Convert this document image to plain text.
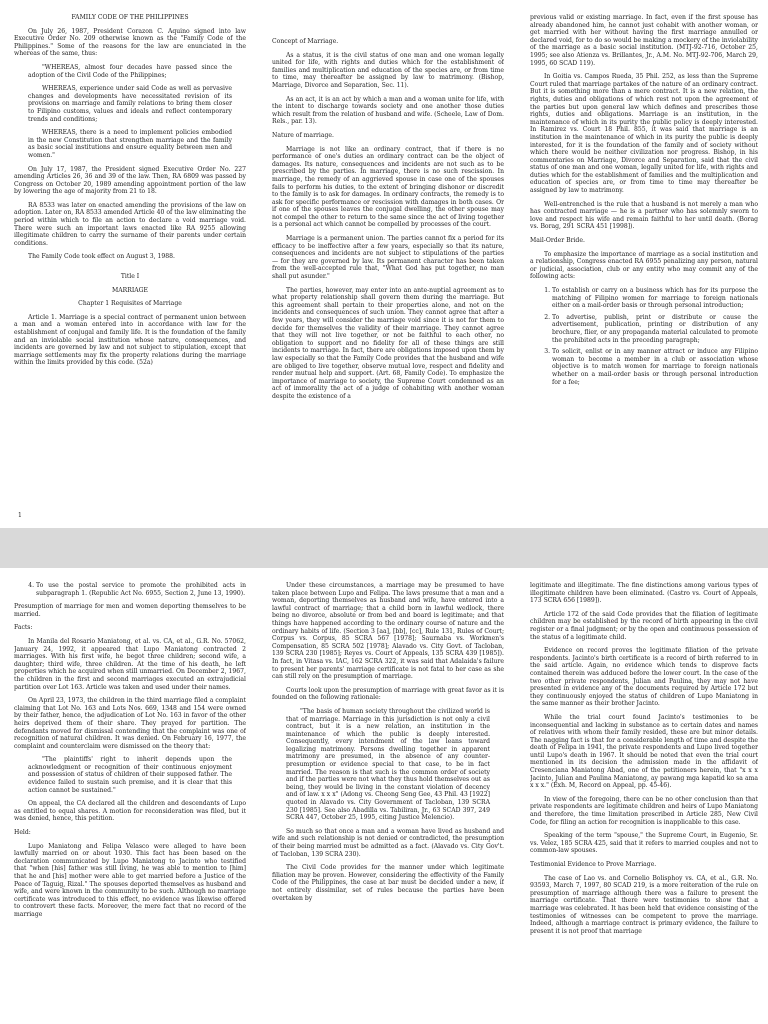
FAMILY CODE OF THE PHILIPPINES

On July 26, 1987, President Corazon C. Aquino signed into law Executive Order No. 209 otherwise known as the "Family Code of the Philippines." Some of the reasons for the law are enunciated in the whereas of the same, thus:

"WHEREAS, almost four decades have passed since the adoption of the Civil Code of the Philippines;

WHEREAS, experience under said Code as well as pervasive changes and developments have necessitated revision of its provisions on marriage and family relations to bring them closer to Filipino customs, values and ideals and reflect contemporary trends and conditions;

WHEREAS, there is a need to implement policies embodied in the new Constitution that strengthen marriage and the family as basic social institutions and ensure equality between men and women."

On July 17, 1987, the President signed Executive Order No. 227 amending Articles 26, 36 and 39 of the law. Then, RA 6809 was passed by Congress on October 20, 1989 amending appointment portion of the law by lowering the age of majority from 21 to 18.

RA 8533 was later on enacted amending the provisions of the law on adoption. Later on, RA 8533 amended Article 40 of the law eliminating the period within which to file an action to declare a void marriage void. There were such an important laws enacted like RA 9255 allowing illegitimate children to carry the surname of their parents under certain conditions.

The Family Code took effect on August 3, 1988.

Title I

MARRIAGE

Chapter 1 Requisites of Marriage

Article 1. Marriage is a special contract of permanent union between a man and a woman entered into in accordance with law for the establishment of conjugal and family life. It is the foundation of the family and an inviolable social institution whose nature, consequences, and incidents are governed by law and not subject to stipulation, except that marriage settlements may fix the property relations during the marriage within the limits provided by this code. (52a)

1

Concept of Marriage.

As a status, it is the civil status of one man and one woman legally united for life, with rights and duties which for the establishment of families and multiplication and education of the species are, or from time to time, may thereafter be assigned by law to matrimony. (Bishop, Marriage, Divorce and Separation, Sec. 11).

As an act, it is an act by which a man and a woman unite for life, with the intent to discharge towards society and one another those duties which result from the relation of husband and wife. (Scheele, Law of Dom. Rels., par. 13).

Nature of marriage.

Marriage is not like an ordinary contract, that if there is no performance of one's duties an ordinary contract can be the object of damages. Its nature, consequences and incidents are not such as to be prescribed by the parties. In marriage, there is no such rescission. In marriage, the remedy of an aggrieved spouse in case one of the spouses fails to perform his duties, to the extent of bringing dishonor or discredit to the family is to ask for damages. In ordinary contracts, the remedy is to ask for specific performance or rescission with damages in both cases. Or if one of the spouses leaves the conjugal dwelling, the other spouse may not compel the other to return to the same since the act of living together is a personal act which cannot be compelled by processes of the court.

Marriage is a permanent union. The parties cannot fix a period for its efficacy to be ineffective after a few years, especially so that its nature, consequences and incidents are not subject to stipulations of the parties — for they are governed by law. Its permanent character has been taken from the well-accepted rule that, "What God has put together, no man shall put asunder."

The parties, however, may enter into an ante-nuptial agreement as to what property relationship shall govern them during the marriage. But this agreement shall pertain to their properties alone, and not on the incidents and consequences of such union. They cannot agree that after a few years, they will consider the marriage void since it is not for them to decide for themselves the validity of their marriage. They cannot agree that they will not live together, or not be faithful to each other, no obligation to support and no fidelity for all of these things are still incidents to marriage. In fact, there are obligations imposed upon them by law especially so that the Family Code provides that the husband and wife are obliged to live together, observe mutual love, respect and fidelity and render mutual help and support. (Art. 68, Family Code). To emphasize the importance of marriage to society, the Supreme Court condemned as an act of immorality the act of a judge of cohabiting with another woman despite the existence of a

previous valid or existing marriage. In fact, even if the first spouse has already abandoned him, he cannot just cohabit with another woman, or get married with her without having the first marriage annulled or declared void, for to do so would be making a mockery of the inviolability of the marriage as a basic social institution. (MTJ-92-716, October 25, 1995; see also Atienza vs. Brillantes, Jr., A.M. No. MTJ-92-706, March 29, 1995, 60 SCAD 119).

In Goitia vs. Campos Rueda, 35 Phil. 252, as less than the Supreme Court ruled that marriage partakes of the nature of an ordinary contract. But it is something more than a mere contract. It is a new relation, the rights, duties and obligations of which rest not upon the agreement of the parties but upon general law which defines and prescribes those rights, duties and obligations. Marriage is an institution, in the maintenance of which in its purity the public policy is deeply interested. In Ramirez vs. Court 18 Phil. 855, it was said that marriage is an institution in the maintenance of which in its purity the public is deeply interested, for it is the foundation of the family and of society without which there would be neither civilization nor progress. Bishop, in his commentaries on Marriage, Divorce and Separation, said that the civil status of one man and one woman, legally united for life, with rights and duties which for the establishment of families and the multiplication and education of species are, or from time to time may thereafter be assigned by law to matrimony.

Well-entrenched is the rule that a husband is not merely a man who has contracted marriage — he is a partner who has solemnly sworn to love and respect his wife and remain faithful to her until death. (Borag vs. Borag, 291 SCRA 451 [1998]).

Mail-Order Bride.

To emphasize the importance of marriage as a social institution and a relationship, Congress enacted RA 6955 penalizing any person, natural or judicial, association, club or any entity who may commit any of the following acts:

1. To establish or carry on a business which has for its purpose the matching of Filipino women for marriage to foreign nationals either on a mail-order basis or through personal introduction;
2. To advertise, publish, print or distribute or cause the advertisement, publication, printing or distribution of any brochure, flier, or any propaganda material calculated to promote the prohibited acts in the preceding paragraph;
3. To solicit, enlist or in any manner attract or induce any Filipino woman to become a member in a club or association whose objective is to match women for marriage to foreign nationals whether on a mail-order basis or through personal introduction for a fee;
4. To use the postal service to promote the prohibited acts in subparagraph 1. (Republic Act No. 6955, Section 2, June 13, 1990).

Presumption of marriage for men and women deporting themselves to be married.

Facts:

In Manila del Rosario Maniatong, et al. vs. CA, et al., G.R. No. 57062, January 24, 1992, it appeared that Lupo Maniatong contracted 2 marriages. With his first wife, he begot three children; second wife, a daughter; third wife, three children. At the time of his death, he left properties which he acquired when still unmarried. On December 2, 1967, the children in the first and second marriages executed an extrajudicial partition over Lot 163. Article was taken and used under their names.

On April 23, 1973, the children in the third marriage filed a complaint claiming that Lot No. 163 and Lots Nos. 669, 1348 and 154 were owned by their father, hence, the adjudication of Lot No. 163 in favor of the other heirs deprived them of their share. They prayed for partition. The defendants moved for dismissal contending that the complaint was one of recognition of natural children. It was denied. On February 16, 1977, the complaint and counterclaim were dismissed on the theory that:

"The plaintiffs' right to inherit depends upon the acknowledgment or recognition of their continuous enjoyment and possession of status of children of their supposed father. The evidence failed to sustain such premise, and it is clear that this action cannot be sustained."

On appeal, the CA declared all the children and descendants of Lupo as entitled to equal shares. A motion for reconsideration was filed, but it was denied, hence, this petition.

Held:

Lupo Maniatong and Felipa Velasco were alleged to have been lawfully married on or about 1930. This fact has been based on the declaration communicated by Lupo Maniatong to Jacinto who testified that "when [his] father was still living, he was able to mention to [him] that he and [his] mother were able to get married before a Justice of the Peace of Taguig, Rizal." The spouses deported themselves as husband and wife, and were known in the community to be such. Although no marriage certificate was introduced to this effect, no evidence was likewise offered to controvert these facts. Moreover, the mere fact that no record of the marriage

Under these circumstances, a marriage may be presumed to have taken place between Lupo and Felipa. The laws presume that a man and a woman, deporting themselves as husband and wife, have entered into a lawful contract of marriage; that a child born in lawful wedlock, there being no divorce, absolute or from bed and board is legitimate; and that things have happened according to the ordinary course of nature and the ordinary habits of life. (Section 3 [aa], [bb], [cc], Rule 131, Rules of Court; Corpus vs. Corpus, 85 SCRA 567 [1978]; Saurnaba vs. Workmen's Compensation, 85 SCRA 502 [1978]; Alavado vs. City Govt. of Tacloban, 139 SCRA 230 [1985]; Reyes vs. Court of Appeals, 135 SCRA 439 [1985]). In fact, in Vitasa vs. IAC, 162 SCRA 322, it was said that Adalaida's failure to present her parents' marriage certificate is not fatal to her case as she can still rely on the presumption of marriage.

Courts look upon the presumption of marriage with great favor as it is founded on the following rationale:

"The basis of human society throughout the civilized world is that of marriage. Marriage in this jurisdiction is not only a civil contract, but it is a new relation, an institution in the maintenance of which the public is deeply interested. Consequently, every intendment of the law leans toward legalizing matrimony. Persons dwelling together in apparent matrimony are presumed, in the absence of any counter-presumption or evidence special to that case, to be in fact married. The reason is that such is the common order of society and if the parties were not what they thus hold themselves out as being, they would be living in the constant violation of decency and of law. x x x" (Adong vs. Cheong Seng Gee, 43 Phil. 43 [1922] quoted in Alavado vs. City Government of Tacloban, 139 SCRA 230 [1985]. See also Abadilla vs. Tabiliran, Jr., 63 SCAD 397, 249 SCRA 447, October 25, 1995, citing Justice Melencio).

So much so that once a man and a woman have lived as husband and wife and such relationship is not denied or contradicted, the presumption of their being married must be admitted as a fact. (Alavado vs. City Gov't. of Tacloban, 139 SCRA 230).

The Civil Code provides for the manner under which legitimate filiation may be proven. However, considering the effectivity of the Family Code of the Philippines, the case at bar must be decided under a new, if not entirely dissimilar, set of rules because the parties have been overtaken by

legitimate and illegitimate. The fine distinctions among various types of illegitimate children have been eliminated. (Castro vs. Court of Appeals, 173 SCRA 656 [1989]).

Article 172 of the said Code provides that the filiation of legitimate children may be established by the record of birth appearing in the civil register or a final judgment; or by the open and continuous possession of the status of a legitimate child.

Evidence on record proves the legitimate filiation of the private respondents. Jacinto's birth certificate is a record of birth referred to in the said article. Again, no evidence which tends to disprove facts contained therein was adduced before the lower court. In the case of the two other private respondents, Julian and Paulina, they may not have presented in evidence any of the documents required by Article 172 but they continuously enjoyed the status of children of Lupo Maniatong in the same manner as their brother Jacinto.

While the trial court found Jacinto's testimonies to be inconsequential and lacking in substance as to certain dates and names of relatives with whom their family resided, these are but minor details. The nagging fact is that for a considerable length of time and despite the death of Felipa in 1941, the private respondents and Lupo lived together until Lupo's death in 1967. It should be noted that even the trial court mentioned in its decision the admission made in the affidavit of Cresenciana Maniatong Abad, one of the petitioners herein, that "x x x Jacinto, Julian and Paulina Maniatong, ay pawang mga kapatid ko sa ama x x x." (Exh. M, Record on Appeal, pp. 45-46).

In view of the foregoing, there can be no other conclusion than that private respondents are legitimate children and heirs of Lupo Maniatong and therefore, the time limitation prescribed in Article 285, New Civil Code, for filing an action for recognition is inapplicable to this case.

Speaking of the term "spouse," the Supreme Court, in Eugenio, Sr. vs. Velez, 185 SCRA 425, said that it refers to married couples and not to common-law spouses.

Testimonial Evidence to Prove Marriage.

The case of Lao vs. and Cornelio Bolisphoy vs. CA, et al., G.R. No. 93593, March 7, 1997, 80 SCAD 219, is a more reiteration of the rule on presumption of marriage although there was a failure to present the marriage certificate. That there were testimonies to show that a marriage was celebrated. It has been held that evidence consisting of the testimonies of witnesses can be competent to prove the marriage. Indeed, although a marriage contract is primary evidence, the failure to present it is not proof that marriage
